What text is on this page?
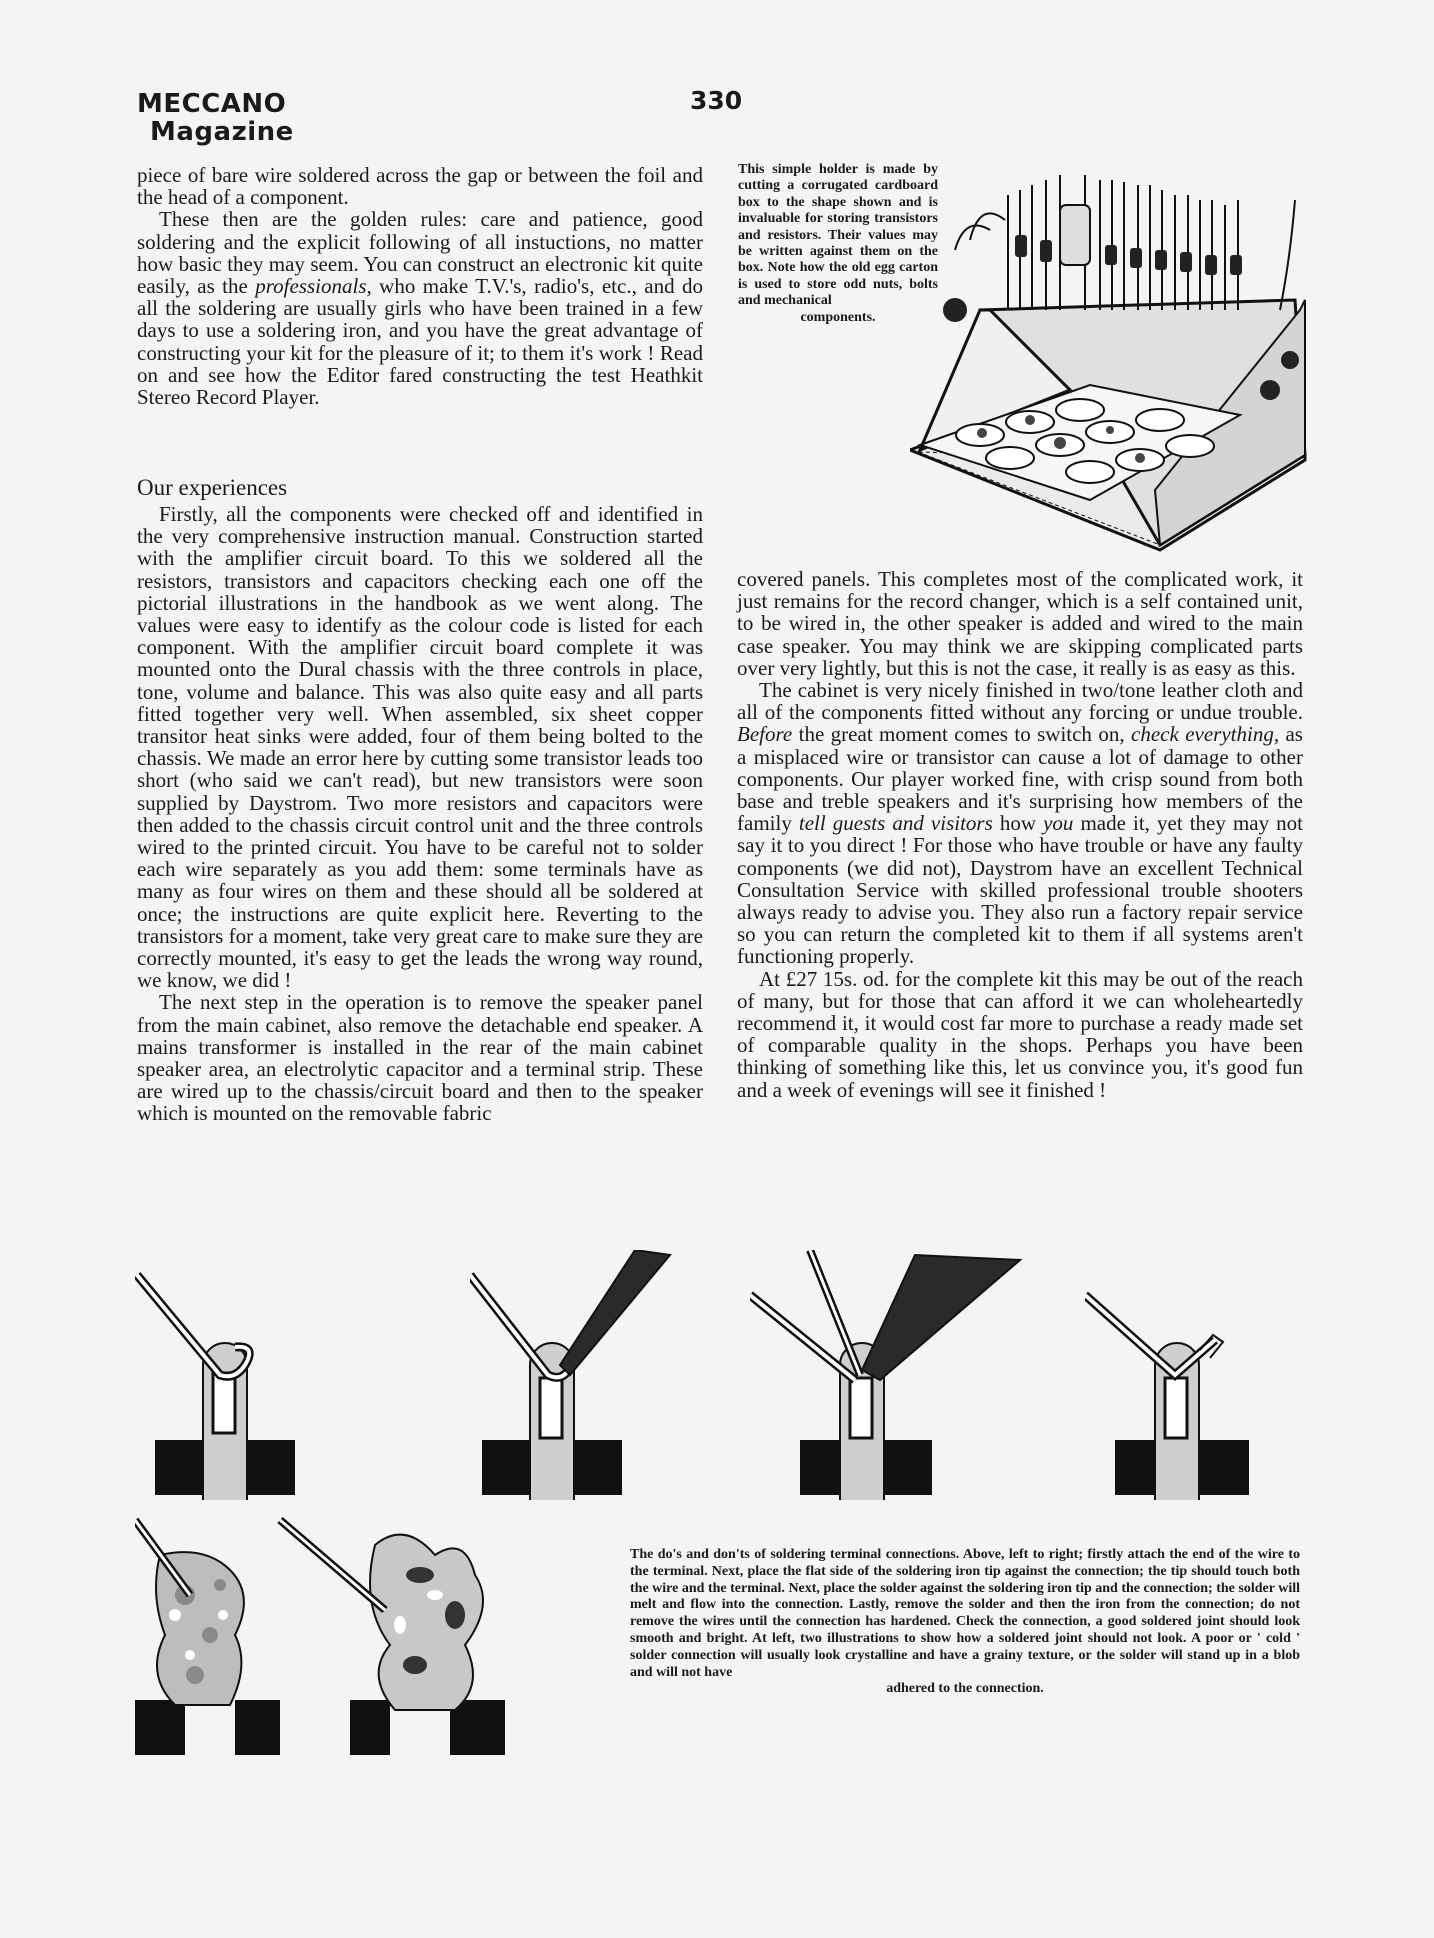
MECCANO
Magazine
330

piece of bare wire soldered across the gap or between the foil and the head of a component.

These then are the golden rules: care and patience, good soldering and the explicit following of all instuctions, no matter how basic they may seem. You can construct an electronic kit quite easily, as the professionals, who make T.V.'s, radio's, etc., and do all the soldering are usually girls who have been trained in a few days to use a soldering iron, and you have the great advantage of constructing your kit for the pleasure of it; to them it's work ! Read on and see how the Editor fared constructing the test Heathkit Stereo Record Player.

Our experiences

Firstly, all the components were checked off and identified in the very comprehensive instruction manual. Construction started with the amplifier circuit board. To this we soldered all the resistors, transistors and capacitors checking each one off the pictorial illustrations in the handbook as we went along. The values were easy to identify as the colour code is listed for each component. With the amplifier circuit board complete it was mounted onto the Dural chassis with the three controls in place, tone, volume and balance. This was also quite easy and all parts fitted together very well. When assembled, six sheet copper transitor heat sinks were added, four of them being bolted to the chassis. We made an error here by cutting some transistor leads too short (who said we can't read), but new transistors were soon supplied by Daystrom. Two more resistors and capacitors were then added to the chassis circuit control unit and the three controls wired to the printed circuit. You have to be careful not to solder each wire separately as you add them: some terminals have as many as four wires on them and these should all be soldered at once; the instructions are quite explicit here. Reverting to the transistors for a moment, take very great care to make sure they are correctly mounted, it's easy to get the leads the wrong way round, we know, we did !

The next step in the operation is to remove the speaker panel from the main cabinet, also remove the detachable end speaker. A mains transformer is installed in the rear of the main cabinet speaker area, an electrolytic capacitor and a terminal strip. These are wired up to the chassis/circuit board and then to the speaker which is mounted on the removable fabric

This simple holder is made by cutting a corrugated cardboard box to the shape shown and is invaluable for storing transistors and resistors. Their values may be written against them on the box. Note how the old egg carton is used to store odd nuts, bolts and mechanical
components.

covered panels. This completes most of the complicated work, it just remains for the record changer, which is a self contained unit, to be wired in, the other speaker is added and wired to the main case speaker. You may think we are skipping complicated parts over very lightly, but this is not the case, it really is as easy as this.

The cabinet is very nicely finished in two/tone leather cloth and all of the components fitted without any forcing or undue trouble. Before the great moment comes to switch on, check everything, as a misplaced wire or transistor can cause a lot of damage to other components. Our player worked fine, with crisp sound from both base and treble speakers and it's surprising how members of the family tell guests and visitors how you made it, yet they may not say it to you direct ! For those who have trouble or have any faulty components (we did not), Daystrom have an excellent Technical Consultation Service with skilled professional trouble shooters always ready to advise you. They also run a factory repair service so you can return the completed kit to them if all systems aren't functioning properly.

At £27 15s. od. for the complete kit this may be out of the reach of many, but for those that can afford it we can wholeheartedly recommend it, it would cost far more to purchase a ready made set of comparable quality in the shops. Perhaps you have been thinking of something like this, let us convince you, it's good fun and a week of evenings will see it finished !

The do's and don'ts of soldering terminal connections. Above, left to right; firstly attach the end of the wire to the terminal. Next, place the flat side of the soldering iron tip against the connection; the tip should touch both the wire and the terminal. Next, place the solder against the soldering iron tip and the connection; the solder will melt and flow into the connection. Lastly, remove the solder and then the iron from the connection; do not remove the wires until the connection has hardened. Check the connection, a good soldered joint should look smooth and bright. At left, two illustrations to show how a soldered joint should not look. A poor or ' cold ' solder connection will usually look crystalline and have a grainy texture, or the solder will stand up in a blob and will not have
adhered to the connection.
